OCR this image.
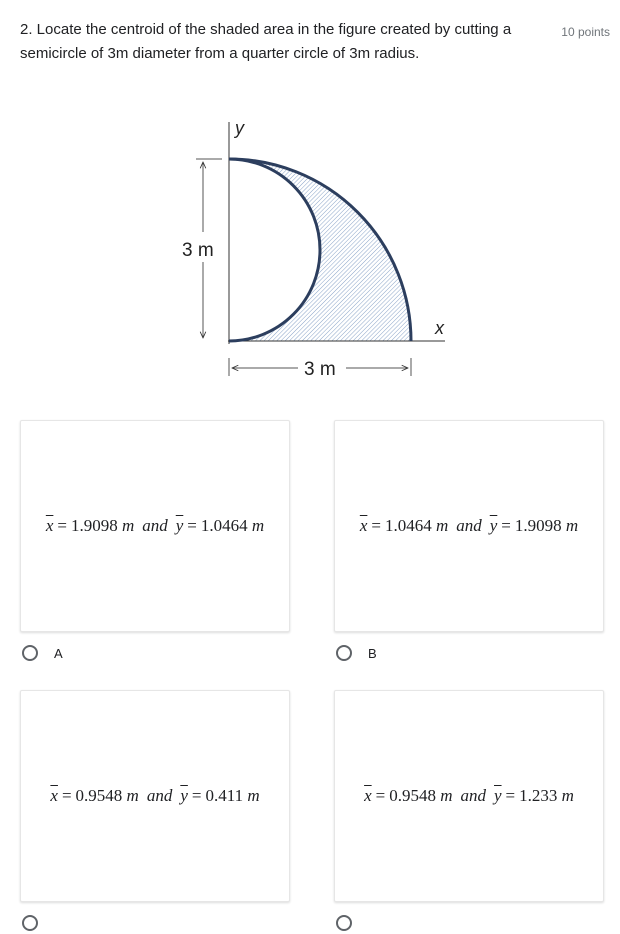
10 points
2. Locate the centroid of the shaded area in the figure created by cutting a semicircle of 3m diameter from a quarter circle of 3m radius.
y
x
3 m
3 m
$\overline{x} = 1.9098$ m and $\overline{y} = 1.0464$ m
A
$\overline{x} = 1.0464$ m and $\overline{y} = 1.9098$ m
B
$\overline{x} = 0.9548$ m and $\overline{y} = 0.411$ m	$\overline{x} = 0.9548$ m and $\overline{y} = 1.233$ m
